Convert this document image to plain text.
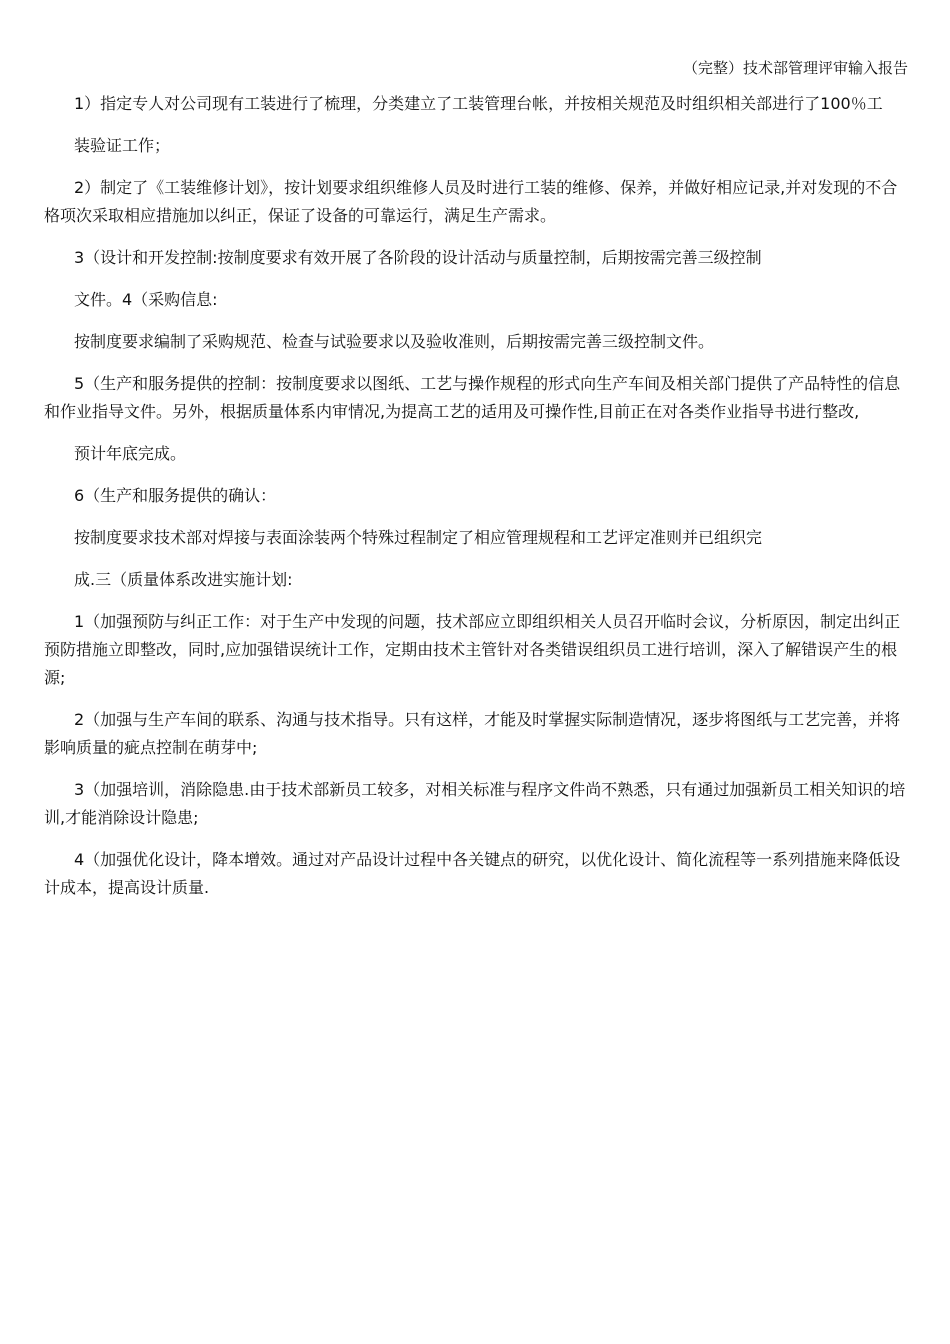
（完整）技术部管理评审输入报告

1）指定专人对公司现有工装进行了梳理，分类建立了工装管理台帐，并按相关规范及时组织相关部进行了100％工

装验证工作；

2）制定了《工装维修计划》，按计划要求组织维修人员及时进行工装的维修、保养，并做好相应记录,并对发现的不合格项次采取相应措施加以纠正，保证了设备的可靠运行，满足生产需求。

3（设计和开发控制:按制度要求有效开展了各阶段的设计活动与质量控制，后期按需完善三级控制

文件。4（采购信息:

按制度要求编制了采购规范、检查与试验要求以及验收准则，后期按需完善三级控制文件。

5（生产和服务提供的控制：按制度要求以图纸、工艺与操作规程的形式向生产车间及相关部门提供了产品特性的信息和作业指导文件。另外，根据质量体系内审情况,为提高工艺的适用及可操作性,目前正在对各类作业指导书进行整改,

预计年底完成。

6（生产和服务提供的确认：

按制度要求技术部对焊接与表面涂装两个特殊过程制定了相应管理规程和工艺评定准则并已组织完

成.三（质量体系改进实施计划:

1（加强预防与纠正工作：对于生产中发现的问题，技术部应立即组织相关人员召开临时会议，分析原因，制定出纠正预防措施立即整改，同时,应加强错误统计工作，定期由技术主管针对各类错误组织员工进行培训，深入了解错误产生的根源;

2（加强与生产车间的联系、沟通与技术指导。只有这样，才能及时掌握实际制造情况，逐步将图纸与工艺完善，并将影响质量的疵点控制在萌芽中;

3（加强培训，消除隐患.由于技术部新员工较多，对相关标准与程序文件尚不熟悉，只有通过加强新员工相关知识的培训,才能消除设计隐患;

4（加强优化设计，降本增效。通过对产品设计过程中各关键点的研究，以优化设计、简化流程等一系列措施来降低设计成本，提高设计质量.
